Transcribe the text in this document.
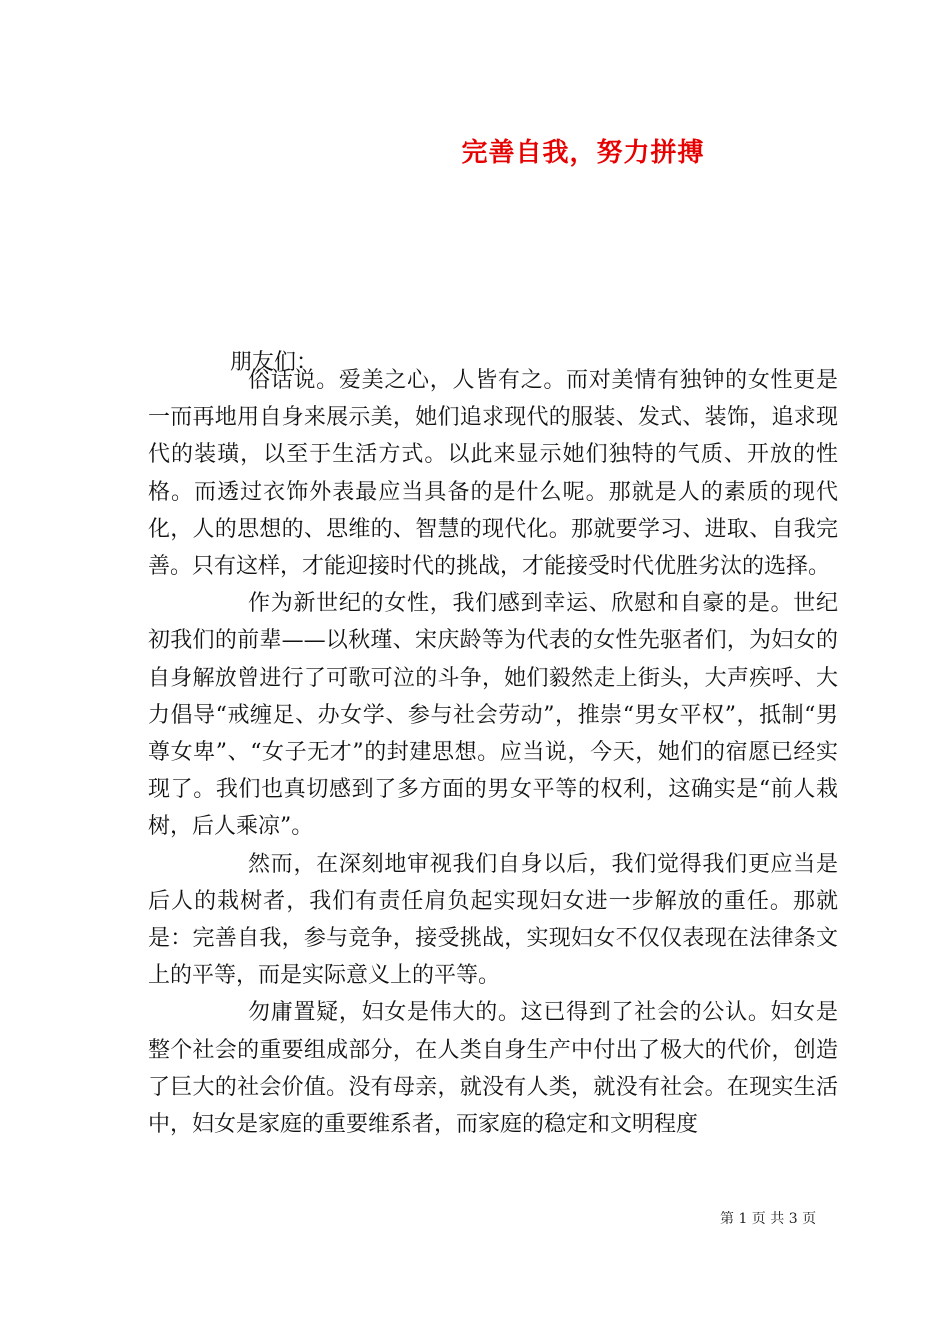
完善自我，努力拼搏
朋友们：

俗话说。爱美之心，人皆有之。而对美情有独钟的女性更是一而再地用自身来展示美，她们追求现代的服装、发式、装饰，追求现代的装璜，以至于生活方式。以此来显示她们独特的气质、开放的性格。而透过衣饰外表最应当具备的是什么呢。那就是人的素质的现代化，人的思想的、思维的、智慧的现代化。那就要学习、进取、自我完善。只有这样，才能迎接时代的挑战，才能接受时代优胜劣汰的选择。

作为新世纪的女性，我们感到幸运、欣慰和自豪的是。世纪初我们的前辈——以秋瑾、宋庆龄等为代表的女性先驱者们，为妇女的自身解放曾进行了可歌可泣的斗争，她们毅然走上街头，大声疾呼、大力倡导“戒缠足、办女学、参与社会劳动”，推崇“男女平权”，抵制“男尊女卑”、“女子无才”的封建思想。应当说，今天，她们的宿愿已经实现了。我们也真切感到了多方面的男女平等的权利，这确实是“前人栽树，后人乘凉”。

然而，在深刻地审视我们自身以后，我们觉得我们更应当是后人的栽树者，我们有责任肩负起实现妇女进一步解放的重任。那就是：完善自我，参与竞争，接受挑战，实现妇女不仅仅表现在法律条文上的平等，而是实际意义上的平等。

勿庸置疑，妇女是伟大的。这已得到了社会的公认。妇女是整个社会的重要组成部分，在人类自身生产中付出了极大的代价，创造了巨大的社会价值。没有母亲，就没有人类，就没有社会。在现实生活中，妇女是家庭的重要维系者，而家庭的稳定和文明程度

第 1 页 共 3 页
